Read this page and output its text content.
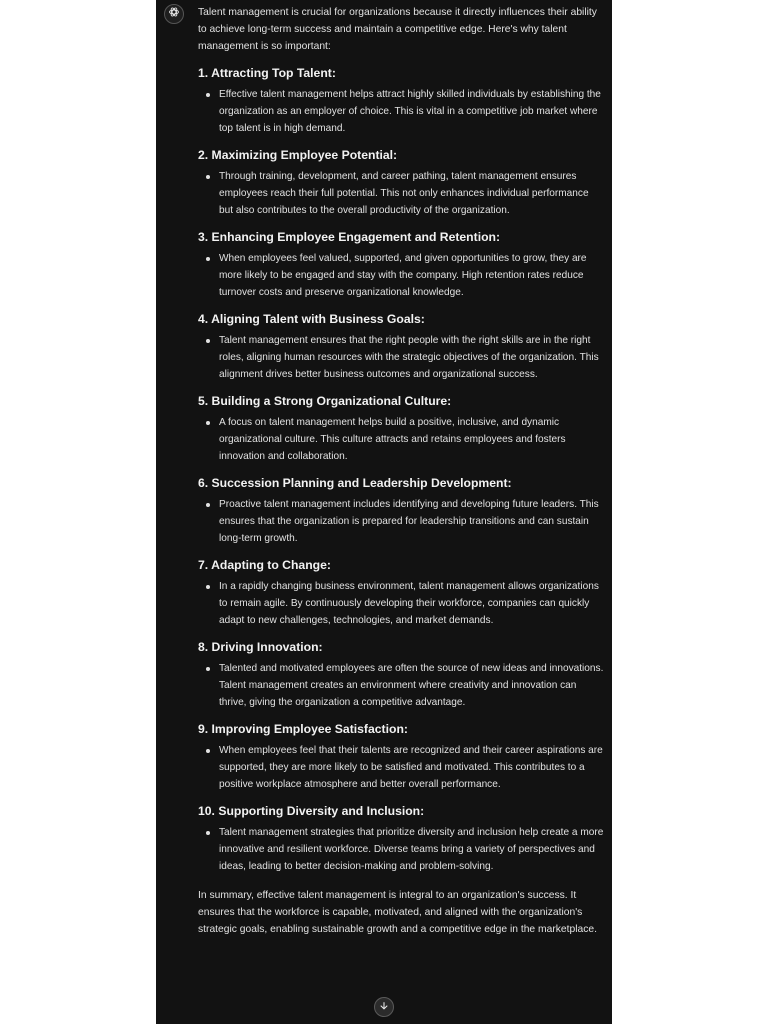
Talent management is crucial for organizations because it directly influences their ability to achieve long-term success and maintain a competitive edge. Here's why talent management is so important:

1. Attracting Top Talent:
Effective talent management helps attract highly skilled individuals by establishing the organization as an employer of choice. This is vital in a competitive job market where top talent is in high demand.
2. Maximizing Employee Potential:
Through training, development, and career pathing, talent management ensures employees reach their full potential. This not only enhances individual performance but also contributes to the overall productivity of the organization.
3. Enhancing Employee Engagement and Retention:
When employees feel valued, supported, and given opportunities to grow, they are more likely to be engaged and stay with the company. High retention rates reduce turnover costs and preserve organizational knowledge.
4. Aligning Talent with Business Goals:
Talent management ensures that the right people with the right skills are in the right roles, aligning human resources with the strategic objectives of the organization. This alignment drives better business outcomes and organizational success.
5. Building a Strong Organizational Culture:
A focus on talent management helps build a positive, inclusive, and dynamic organizational culture. This culture attracts and retains employees and fosters innovation and collaboration.
6. Succession Planning and Leadership Development:
Proactive talent management includes identifying and developing future leaders. This ensures that the organization is prepared for leadership transitions and can sustain long-term growth.
7. Adapting to Change:
In a rapidly changing business environment, talent management allows organizations to remain agile. By continuously developing their workforce, companies can quickly adapt to new challenges, technologies, and market demands.
8. Driving Innovation:
Talented and motivated employees are often the source of new ideas and innovations. Talent management creates an environment where creativity and innovation can thrive, giving the organization a competitive advantage.
9. Improving Employee Satisfaction:
When employees feel that their talents are recognized and their career aspirations are supported, they are more likely to be satisfied and motivated. This contributes to a positive workplace atmosphere and better overall performance.
10. Supporting Diversity and Inclusion:
Talent management strategies that prioritize diversity and inclusion help create a more innovative and resilient workforce. Diverse teams bring a variety of perspectives and ideas, leading to better decision-making and problem-solving.

In summary, effective talent management is integral to an organization's success. It ensures that the workforce is capable, motivated, and aligned with the organization's strategic goals, enabling sustainable growth and a competitive edge in the marketplace.
